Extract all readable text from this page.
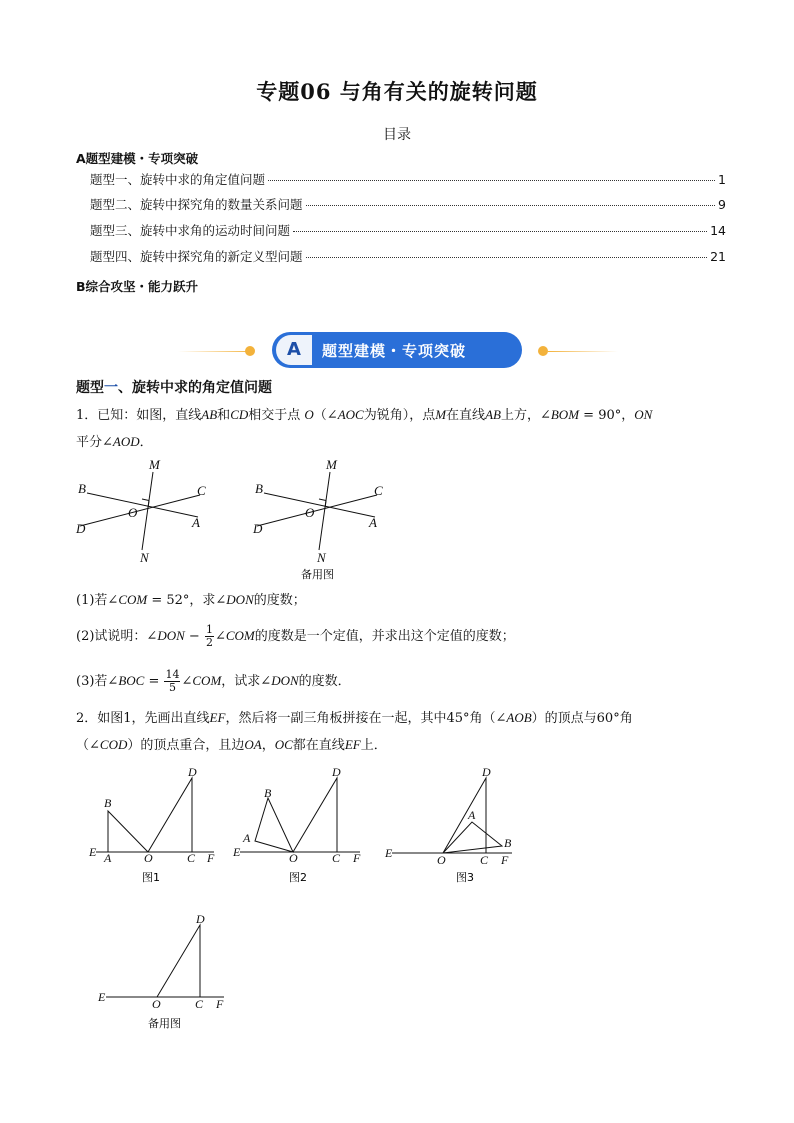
专题06 与角有关的旋转问题
目录
A题型建模・专项突破
题型一、旋转中求的角定值问题	1
题型二、旋转中探究角的数量关系问题	9
题型三、旋转中求角的运动时间问题	14
题型四、旋转中探究角的新定义型问题	21
B综合攻坚・能力跃升
A	题型建模・专项突破
题型一、旋转中求的角定值问题
1．已知：如图，直线AB和CD相交于点 O（∠AOC为锐角），点M在直线AB上方，∠BOM = 90°，ON
平分∠AOD．
M
B	C
O
D	A
N
M
B	C
O
D	A
N
备用图
(1)若∠COM = 52°，求∠DON的度数；
(2)试说明：∠DON − $\frac{1}{2}$ ∠COM的度数是一个定值，并求出这个定值的度数；
(3)若∠BOC = $\frac{14}{5}$ ∠COM，试求∠DON的度数．
2．如图1，先画出直线EF，然后将一副三角板拼接在一起，其中45°角（∠AOB）的顶点与60°角
（∠COD）的顶点重合，且边OA，OC都在直线EF上．
B
D
E A	O	C F
图1
B
D
A
E	O	C F
图2
D
A
B
E	O	C F
图3
D
E	O	C F
备用图
